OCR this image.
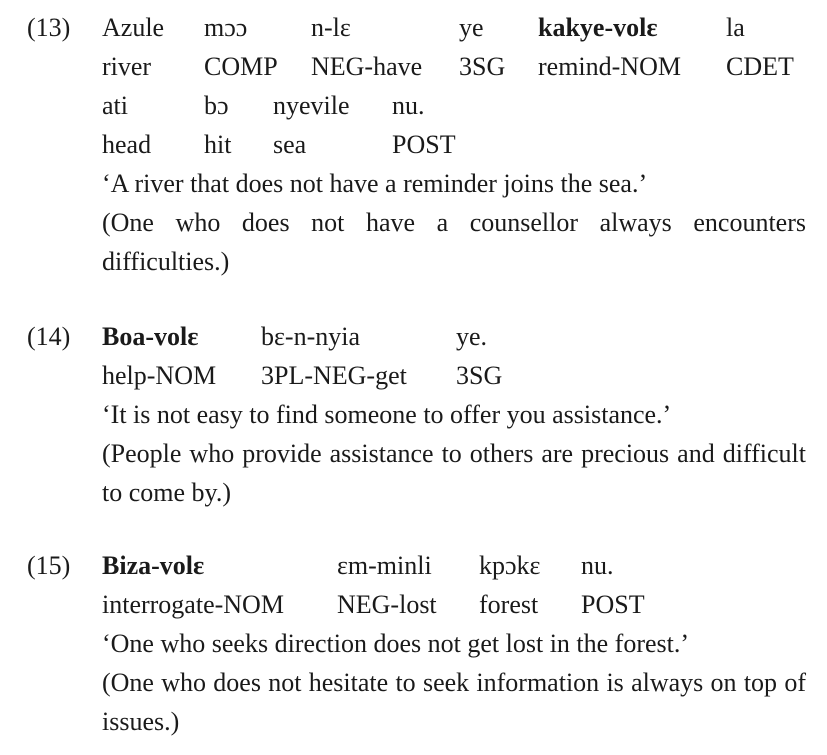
(13) Azule mɔɔ n-lɛ	ye kakye-volɛ	la
river COMP NEG-have 3SG remind-NOM CDET
ati	bɔ nyevile nu.
head hit sea	POST
‘A river that does not have a reminder joins the sea.’
(One who does not have a counsellor always encounters difficulties.)
(14) Boa-volɛ bɛ-n-nyia	ye.
help-NOM 3PL-NEG-get 3SG
‘It is not easy to find someone to offer you assistance.’
(People who provide assistance to others are precious and difficult to come by.)
(15) Biza-volɛ	ɛm-minli kpɔkɛ nu.
interrogate-NOM NEG-lost forest POST
‘One who seeks direction does not get lost in the forest.’
(One who does not hesitate to seek information is always on top of issues.)
